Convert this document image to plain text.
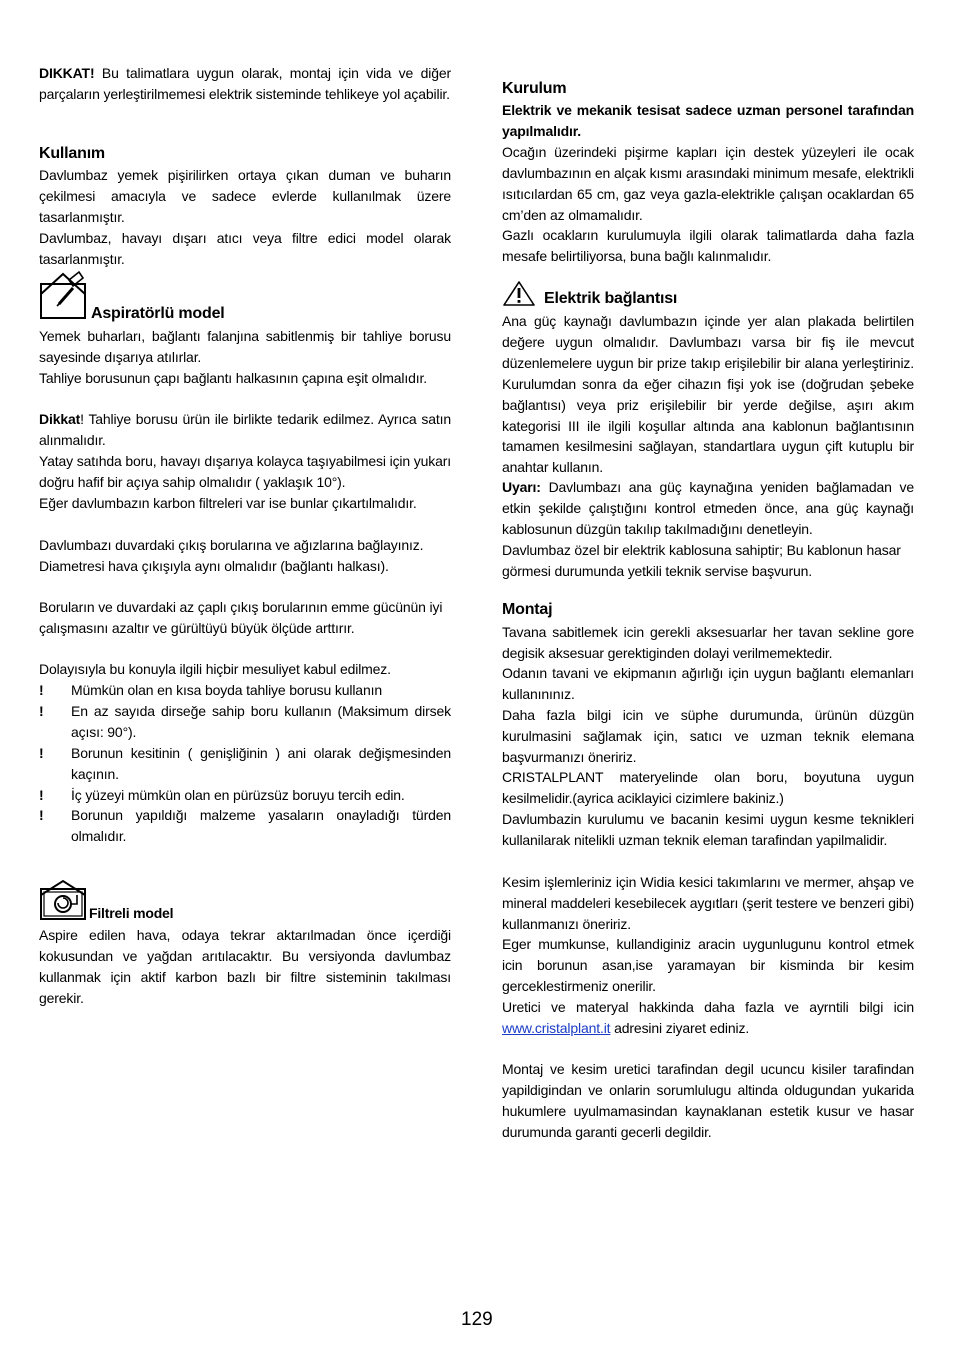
DIKKAT! Bu talimatlara uygun olarak, montaj için vida ve diğer parçaların yerleştirilmemesi elektrik sisteminde tehlikeye yol açabilir.
Kullanım
Davlumbaz yemek pişirilirken ortaya çıkan duman ve buharın çekilmesi amacıyla ve sadece evlerde kullanılmak üzere tasarlanmıştır.
Davlumbaz, havayı dışarı atıcı veya filtre edici model olarak tasarlanmıştır.
Aspiratörlü model
Yemek buharları, bağlantı falanjına sabitlenmiş bir tahliye borusu sayesinde dışarıya atılırlar.
Tahliye borusunun çapı bağlantı halkasının çapına eşit olmalıdır.
Dikkat! Tahliye borusu ürün ile birlikte tedarik edilmez. Ayrıca satın alınmalıdır.
Yatay satıhda boru, havayı dışarıya kolayca taşıyabilmesi için yukarı doğru hafif bir açıya sahip olmalıdır ( yaklaşık 10°).
Eğer davlumbazın karbon filtreleri var ise bunlar çıkartılmalıdır.
Davlumbazı duvardaki çıkış borularına ve ağızlarına bağlayınız. Diametresi hava çıkışıyla aynı olmalıdır (bağlantı halkası).
Boruların ve duvardaki az çaplı çıkış borularının emme gücünün iyi çalışmasını azaltır ve gürültüyü büyük ölçüde arttırır.
Dolayısıyla bu konuyla ilgili hiçbir mesuliyet kabul edilmez.
!	Mümkün olan en kısa boyda tahliye borusu kullanın
!	En az sayıda dirseğe sahip boru kullanın (Maksimum dirsek açısı: 90°).
!	Borunun kesitinin ( genişliğinin ) ani olarak değişmesinden kaçının.
!	İç yüzeyi mümkün olan en pürüzsüz boruyu tercih edin.
!	Borunun yapıldığı malzeme yasaların onayladığı türden olmalıdır.
Filtreli model
Aspire edilen hava, odaya tekrar aktarılmadan önce içerdiği kokusundan ve yağdan arıtılacaktır. Bu versiyonda davlumbaz kullanmak için aktif karbon bazlı bir filtre sisteminin takılması gerekir.
Kurulum
Elektrik ve mekanik tesisat sadece uzman personel tarafından yapılmalıdır.
Ocağın üzerindeki pişirme kapları için destek yüzeyleri ile ocak davlumbazının en alçak kısmı arasındaki minimum mesafe, elektrikli ısıtıcılardan 65 cm, gaz veya gazla-elektrikle çalışan ocaklardan 65 cm’den az olmamalıdır.
Gazlı ocakların kurulumuyla ilgili olarak talimatlarda daha fazla mesafe belirtiliyorsa, buna bağlı kalınmalıdır.
Elektrik bağlantısı
Ana güç kaynağı davlumbazın içinde yer alan plakada belirtilen değere uygun olmalıdır. Davlumbazı varsa bir fiş ile mevcut düzenlemelere uygun bir prize takıp erişilebilir bir alana yerleştiriniz. Kurulumdan sonra da eğer cihazın fişi yok ise (doğrudan şebeke bağlantısı) veya priz erişilebilir bir yerde değilse, aşırı akım kategorisi III ile ilgili koşullar altında ana kablonun bağlantısının tamamen kesilmesini sağlayan, standartlara uygun çift kutuplu bir anahtar kullanın.
Uyarı: Davlumbazı ana güç kaynağına yeniden bağlamadan ve etkin şekilde çalıştığını kontrol etmeden önce, ana güç kaynağı kablosunun düzgün takılıp takılmadığını denetleyin.
Davlumbaz özel bir elektrik kablosuna sahiptir; Bu kablonun hasar görmesi durumunda yetkili teknik servise başvurun.
Montaj
Tavana sabitlemek icin gerekli aksesuarlar her tavan sekline gore degisik aksesuar gerektiginden dolayi verilmemektedir.
Odanın tavani ve ekipmanın ağırlığı için uygun bağlantı elemanları kullanınınız.
Daha fazla bilgi icin ve süphe durumunda, ürünün düzgün kurulmasini sağlamak için, satıcı ve uzman teknik elemana başvurmanızı öneririz.
CRISTALPLANT materyelinde olan boru, boyutuna uygun kesilmelidir.(ayrica aciklayici cizimlere bakiniz.)
Davlumbazin kurulumu ve bacanin kesimi uygun kesme teknikleri kullanilarak nitelikli uzman teknik eleman tarafindan yapilmalidir.
Kesim işlemleriniz için Widia kesici takımlarını ve mermer, ahşap ve mineral maddeleri kesebilecek aygıtları (şerit testere ve benzeri gibi) kullanmanızı öneririz.
Eger mumkunse, kullandiginiz aracin uygunlugunu kontrol etmek icin borunun asan,ise yaramayan bir kisminda bir kesim gerceklestirmeniz onerilir.
Uretici ve materyal hakkinda daha fazla ve ayrntili bilgi icin www.cristalplant.it adresini ziyaret ediniz.
Montaj ve kesim uretici tarafindan degil ucuncu kisiler tarafindan yapildigindan ve onlarin sorumlulugu altinda oldugundan yukarida hukumlere uyulmamasindan kaynaklanan estetik kusur ve hasar durumunda garanti gecerli degildir.
129
